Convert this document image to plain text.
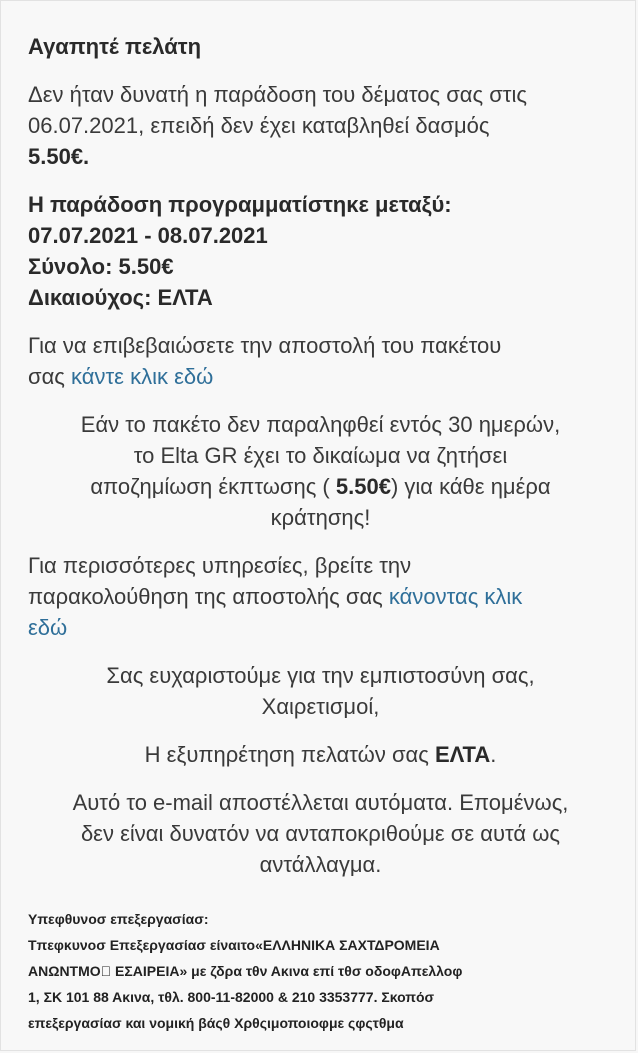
Αγαπητέ πελάτη

Δεν ήταν δυνατή η παράδοση του δέματος σας στις

06.07.2021, επειδή δεν έχει καταβληθεί δασμός

5.50€.

Η παράδοση προγραμματίστηκε μεταξύ:

07.07.2021 - 08.07.2021

Σύνολο: 5.50€

Δικαιούχος: ΕΛΤΑ

Για να επιβεβαιώσετε την αποστολή του πακέτου

σας κάντε κλικ εδώ

Εάν το πακέτο δεν παραληφθεί εντός 30 ημερών,

το Elta GR έχει το δικαίωμα να ζητήσει

αποζημίωση έκπτωσης ( 5.50€) για κάθε ημέρα

κράτησης!

Για περισσότερες υπηρεσίες, βρείτε την

παρακολούθηση της αποστολής σας κάνοντας κλικ

εδώ

Σας ευχαριστούμε για την εμπιστοσύνη σας,

Χαιρετισμοί,

Η εξυπηρέτηση πελατών σας ΕΛΤΑ.

Αυτό το e-mail αποστέλλεται αυτόματα. Επομένως,

δεν είναι δυνατόν να ανταποκριθούμε σε αυτά ως

αντάλλαγμα.

Υπεφθυνοσ επεξεργασίασ:

Τπεφκυνοσ Επεξεργασίασ είναιτο«ΕΛΛΗΝΙΚΑ ΣΑΧΤΔΡΟΜΕΙΑ

ΑΝΩΝΤΜΟ⃞ ΕΣΑΙΡΕΙΑ» με ζδρα τθν Ακινα επί τθσ οδοφΑπελλοφ

1, ΣΚ 101 88 Ακινα, τθλ. 800-11-82000 & 210 3353777. Σκοπόσ

επεξεργασίασ και νομική βάςθ Χρθςιμοποιοφμε ςφςτθμα
